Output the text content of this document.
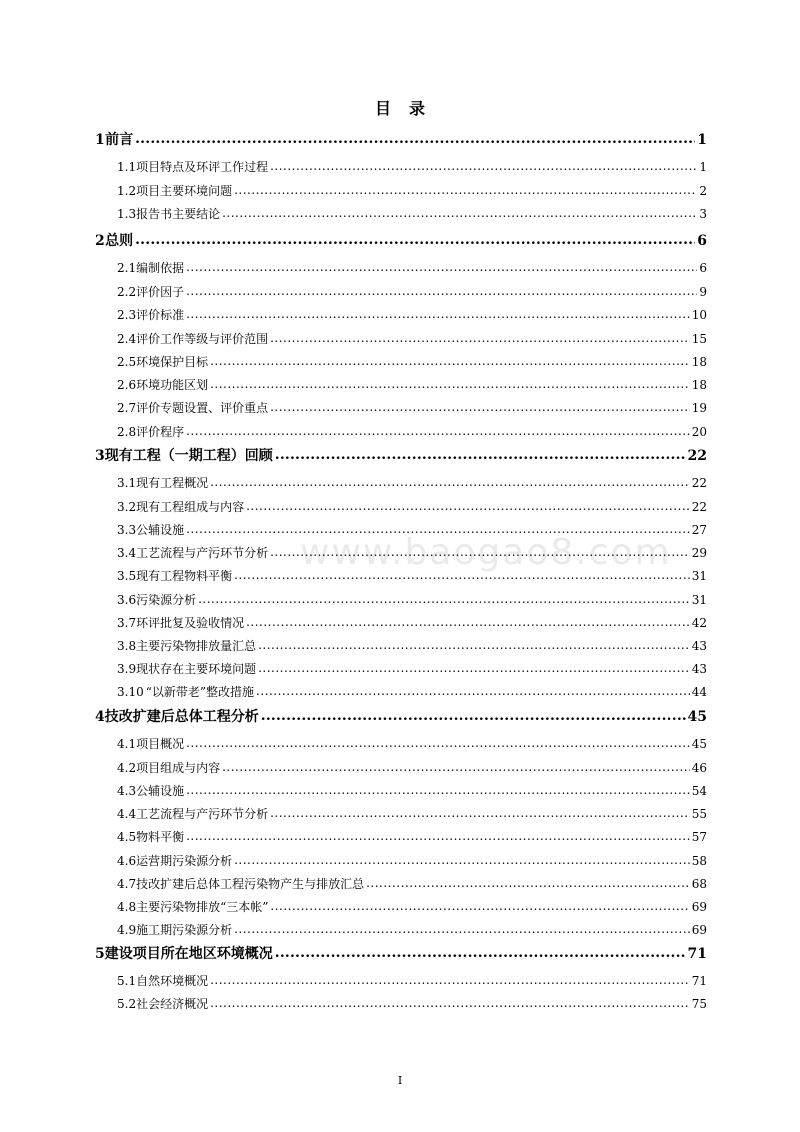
目 录
www.baogao8.com
1 前言 .....	1
1.1 项目特点及环评工作过程 .....	1
1.2 项目主要环境问题 .....	2
1.3 报告书主要结论 .....	3
2 总则 .....	6
2.1 编制依据 .....	6
2.2 评价因子 .....	9
2.3 评价标准 .....	10
2.4 评价工作等级与评价范围 .....	15
2.5 环境保护目标 .....	18
2.6 环境功能区划 .....	18
2.7 评价专题设置、评价重点 .....	19
2.8 评价程序 .....	20
3 现有工程（一期工程）回顾 .....	22
3.1 现有工程概况 .....	22
3.2 现有工程组成与内容 .....	22
3.3 公辅设施 .....	27
3.4 工艺流程与产污环节分析 .....	29
3.5 现有工程物料平衡 .....	31
3.6 污染源分析 .....	31
3.7 环评批复及验收情况 .....	42
3.8 主要污染物排放量汇总 .....	43
3.9 现状存在主要环境问题 .....	43
3.10 “以新带老”整改措施 .....	44
4 技改扩建后总体工程分析 .....	45
4.1 项目概况 .....	45
4.2 项目组成与内容 .....	46
4.3 公辅设施 .....	54
4.4 工艺流程与产污环节分析 .....	55
4.5 物料平衡 .....	57
4.6 运营期污染源分析 .....	58
4.7 技改扩建后总体工程污染物产生与排放汇总 .....	68
4.8 主要污染物排放“三本帐” .....	69
4.9 施工期污染源分析 .....	69
5 建设项目所在地区环境概况 .....	71
5.1 自然环境概况 .....	71
5.2 社会经济概况 .....	75
I
